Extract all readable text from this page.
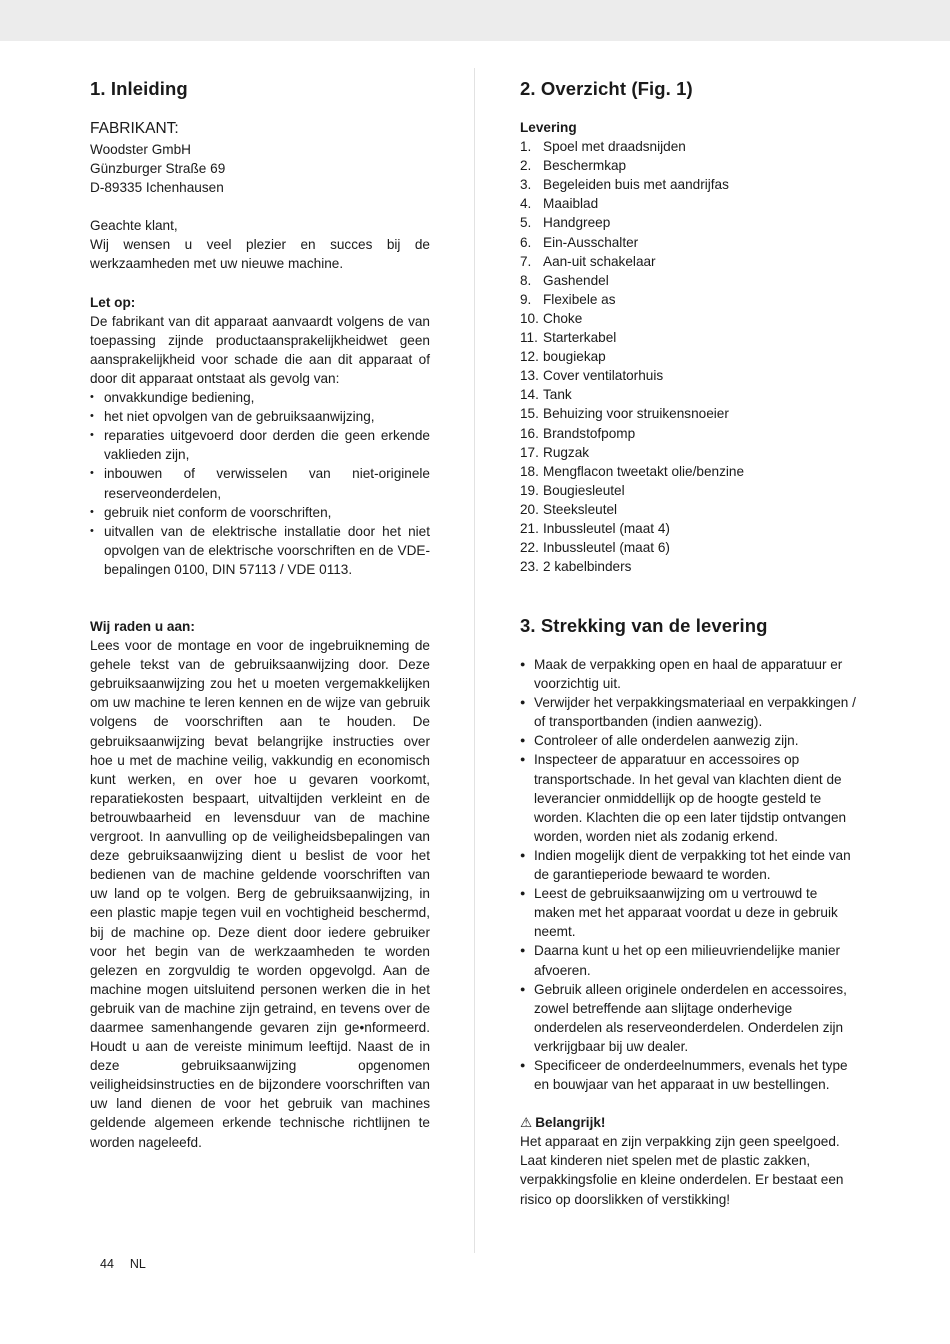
1. Inleiding
FABRIKANT:

Woodster GmbH

Günzburger Straße 69

D-89335 Ichenhausen

Geachte klant,

Wij wensen u veel plezier en succes bij de werkzaamheden met uw nieuwe machine.

Let op:

De fabrikant van dit apparaat aanvaardt volgens de van toepassing zijnde productaansprakelijkheidwet geen aansprakelijkheid voor schade die aan dit apparaat of door dit apparaat ontstaat als gevolg van:

• onvakkundige bediening,
• het niet opvolgen van de gebruiksaanwijzing,
• reparaties uitgevoerd door derden die geen erkende vaklieden zijn,
• inbouwen of verwisselen van niet-originele reserveonderdelen,
• gebruik niet conform de voorschriften,
• uitvallen van de elektrische installatie door het niet opvolgen van de elektrische voorschriften en de VDE-bepalingen 0100, DIN 57113 / VDE 0113.

Wij raden u aan:

Lees voor de montage en voor de ingebruikneming de gehele tekst van de gebruiksaanwijzing door. Deze gebruiksaanwijzing zou het u moeten vergemakkelijken om uw machine te leren kennen en de wijze van gebruik volgens de voorschriften aan te houden. De gebruiksaanwijzing bevat belangrijke instructies over hoe u met de machine veilig, vakkundig en economisch kunt werken, en over hoe u gevaren voorkomt, reparatiekosten bespaart, uitvaltijden verkleint en de betrouwbaarheid en levensduur van de machine vergroot. In aanvulling op de veiligheidsbepalingen van deze gebruiksaanwijzing dient u beslist de voor het bedienen van de machine geldende voorschriften van uw land op te volgen. Berg de gebruiksaanwijzing, in een plastic mapje tegen vuil en vochtigheid beschermd, bij de machine op. Deze dient door iedere gebruiker voor het begin van de werkzaamheden te worden gelezen en zorgvuldig te worden opgevolgd. Aan de machine mogen uitsluitend personen werken die in het gebruik van de machine zijn getraind, en tevens over de daarmee samenhangende gevaren zijn ge•nformeerd. Houdt u aan de vereiste minimum leeftijd. Naast de in deze gebruiksaanwijzing opgenomen veiligheidsinstructies en de bijzondere voorschriften van uw land dienen de voor het gebruik van machines geldende algemeen erkende technische richtlijnen te worden nageleefd.

2. Overzicht (Fig. 1)

Levering

1. Spoel met draadsnijden
2. Beschermkap
3. Begeleiden buis met aandrijfas
4. Maaiblad
5. Handgreep
6. Ein-Ausschalter
7. Aan-uit schakelaar
8. Gashendel
9. Flexibele as
10. Choke
11. Starterkabel
12. bougiekap
13. Cover ventilatorhuis
14. Tank
15. Behuizing voor struikensnoeier
16. Brandstofpomp
17. Rugzak
18. Mengflacon tweetakt olie/benzine
19. Bougiesleutel
20. Steeksleutel
21. Inbussleutel (maat 4)
22. Inbussleutel (maat 6)
23. 2 kabelbinders
3. Strekking van de levering
● Maak de verpakking open en haal de apparatuur er voorzichtig uit.
● Verwijder het verpakkingsmateriaal en verpakkingen / of transportbanden (indien aanwezig).
● Controleer of alle onderdelen aanwezig zijn.
● Inspecteer de apparatuur en accessoires op transportschade. In het geval van klachten dient de leverancier onmiddellijk op de hoogte gesteld te worden. Klachten die op een later tijdstip ontvangen worden, worden niet als zodanig erkend.
● Indien mogelijk dient de verpakking tot het einde van de garantieperiode bewaard te worden.
● Leest de gebruiksaanwijzing om u vertrouwd te maken met het apparaat voordat u deze in gebruik neemt.
● Daarna kunt u het op een milieuvriendelijke manier afvoeren.
● Gebruik alleen originele onderdelen en accessoires, zowel betreffende aan slijtage onderhevige onderdelen als reserveonderdelen. Onderdelen zijn verkrijgbaar bij uw dealer.
● Specificeer de onderdeelnummers, evenals het type en bouwjaar van het apparaat in uw bestellingen.

⚠ Belangrijk!

Het apparaat en zijn verpakking zijn geen speelgoed. Laat kinderen niet spelen met de plastic zakken, verpakkingsfolie en kleine onderdelen. Er bestaat een risico op doorslikken of verstikking!

44 NL
